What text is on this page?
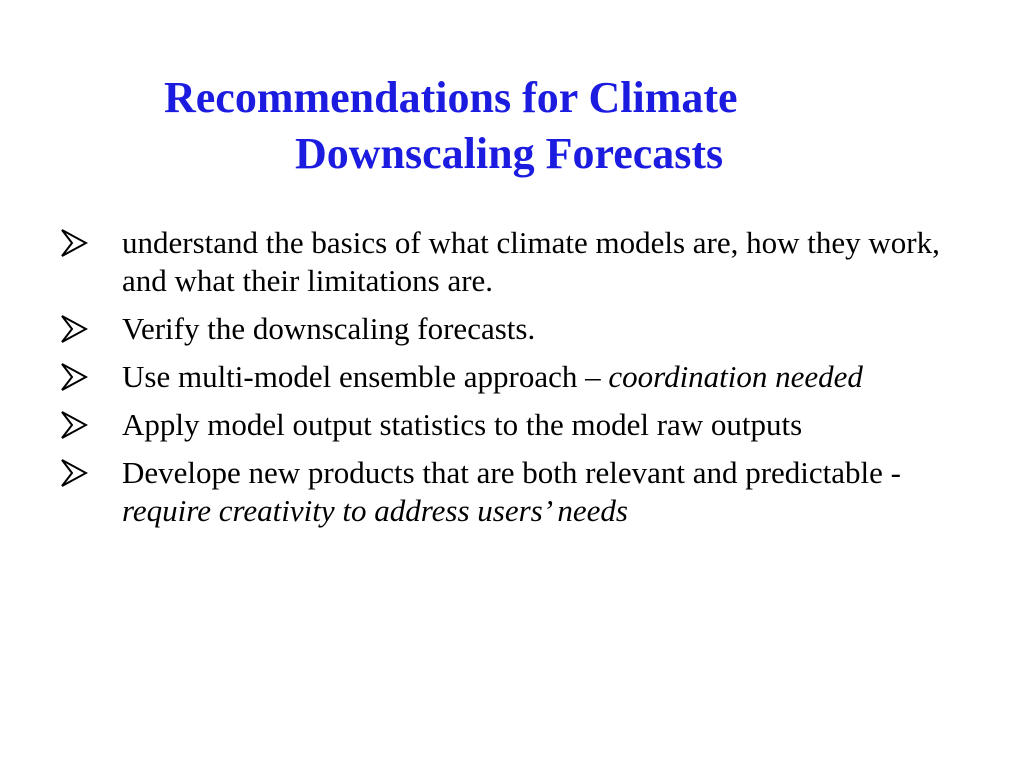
Recommendations for Climate
Downscaling Forecasts
understand the basics of what climate models are, how they work, and what their limitations are.
Verify the downscaling forecasts.
Use multi-model ensemble approach – coordination needed
Apply model output statistics to the model raw outputs
Develope new products that are both relevant and predictable - require creativity to address users’ needs
